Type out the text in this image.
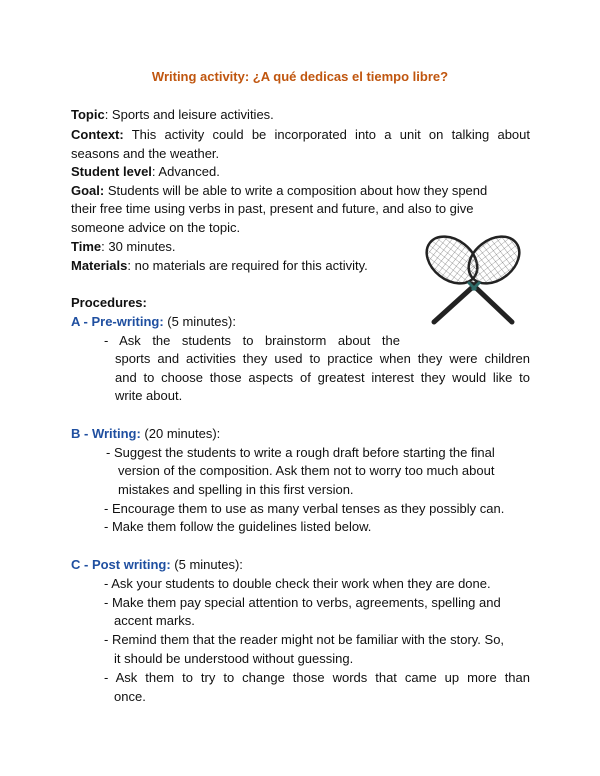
Writing activity: ¿A qué dedicas el tiempo libre?
Topic: Sports and leisure activities.
Context: This activity could be incorporated into a unit on talking about
seasons and the weather.
Student level: Advanced.
Goal: Students will be able to write a composition about how they spend
their free time using verbs in past, present and future, and also to give
someone advice on the topic.
Time: 30 minutes.
Materials: no materials are required for this activity.
Procedures:
A - Pre-writing: (5 minutes):
- Ask the students to brainstorm about the
sports and activities they used to practice when they were children
and to choose those aspects of greatest interest they would like to
write about.
B - Writing: (20 minutes):
- Suggest the students to write a rough draft before starting the final
version of the composition. Ask them not to worry too much about
mistakes and spelling in this first version.
- Encourage them to use as many verbal tenses as they possibly can.
- Make them follow the guidelines listed below.
C - Post writing: (5 minutes):
- Ask your students to double check their work when they are done.
- Make them pay special attention to verbs, agreements, spelling and
accent marks.
- Remind them that the reader might not be familiar with the story. So,
it should be understood without guessing.
- Ask them to try to change those words that came up more than
once.
